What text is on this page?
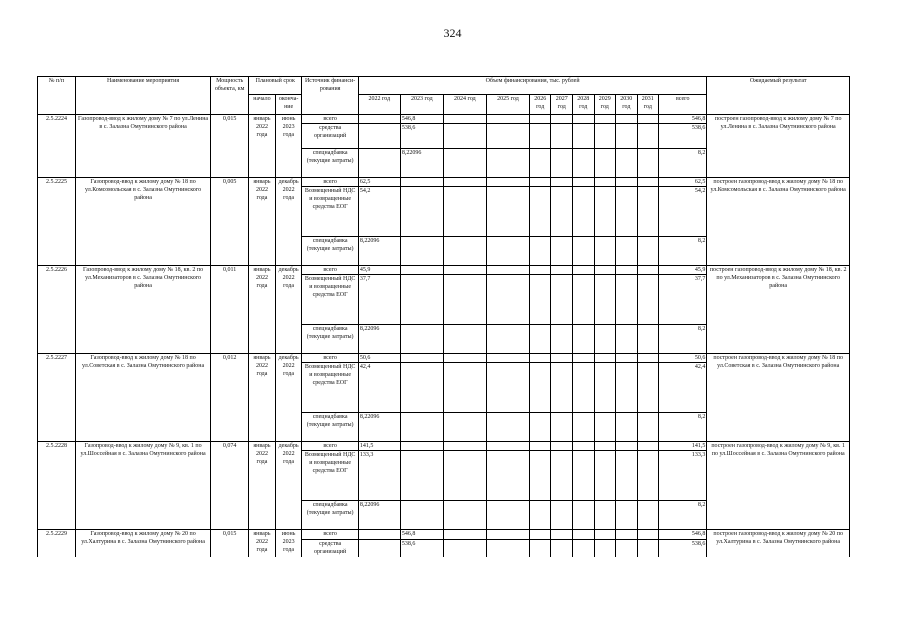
324
№ п/п	Наименование мероприятия	Мощность объекта, км	Плановый срок		Источник финанси-рования	Объем финансирования, тыс. рублей											Ожидаемый результат
			начало	оконча-ние		2022 год	2023 год	2024 год	2025 год	2026 год	2027 год	2028 год	2029 год	2030 год	2031 год	всего	
2.5.2224	Газопровод-ввод к жилому дому № 7 по ул.Ленина в с. Залазна Омутнинского района	0,015	январь 2022 года	июнь 2023 года	всего		546,8									546,8	построен газопровод-ввод к жилому дому № 7 по ул.Ленина в с. Залазна Омутнинского района
					средства организаций		538,6									538,6	
					спецнадбавка (текущие затраты)		8,22096									8,2	
2.5.2225	Газопровод-ввод к жилому дому № 18 по ул.Комсомольская в с. Залазна Омутнинского района	0,005	январь 2022 года	декабрь 2022 года	всего	62,5										62,5	построен газопровод-ввод к жилому дому № 18 по ул.Комсомольская в с. Залазна Омутнинского района
					Возмещенный НДС и возвращенные средства ЕОГ	54,2										54,2	
					спецнадбавка (текущие затраты)	8,22096										8,2	
2.5.2226	Газопровод-ввод к жилому дому № 18, кв. 2 по ул.Механизаторов в с. Залазна Омутнинского района	0,011	январь 2022 года	декабрь 2022 года	всего	45,9										45,9	построен газопровод-ввод к жилому дому № 18, кв. 2 по ул.Механизаторов в с. Залазна Омутнинского района
					Возмещенный НДС и возвращенные средства ЕОГ	37,7										37,7	
					спецнадбавка (текущие затраты)	8,22096										8,2	
2.5.2227	Газопровод-ввод к жилому дому № 18 по ул.Советская в с. Залазна Омутнинского района	0,012	январь 2022 года	декабрь 2022 года	всего	50,6										50,6	построен газопровод-ввод к жилому дому № 18 по ул.Советская в с. Залазна Омутнинского района
					Возмещенный НДС и возвращенные средства ЕОГ	42,4										42,4	
					спецнадбавка (текущие затраты)	8,22096										8,2	
2.5.2228	Газопровод-ввод к жилому дому № 9, кв. 1 по ул.Шоссейная в с. Залазна Омутнинского района	0,074	январь 2022 года	декабрь 2022 года	всего	141,5										141,5	построен газопровод-ввод к жилому дому № 9, кв. 1 по ул.Шоссейная в с. Залазна Омутнинского района
					Возмещенный НДС и возвращенные средства ЕОГ	133,3										133,3	
					спецнадбавка (текущие затраты)	8,22096										8,2	
2.5.2229	Газопровод-ввод к жилому дому № 20 по ул.Халтурина в с. Залазна Омутнинского района	0,015	январь 2022 года	июнь 2023 года	всего		546,8									546,8	построен газопровод-ввод к жилому дому № 20 по ул.Халтурина в с. Залазна Омутнинского района
					средства организаций		538,6									538,6	
